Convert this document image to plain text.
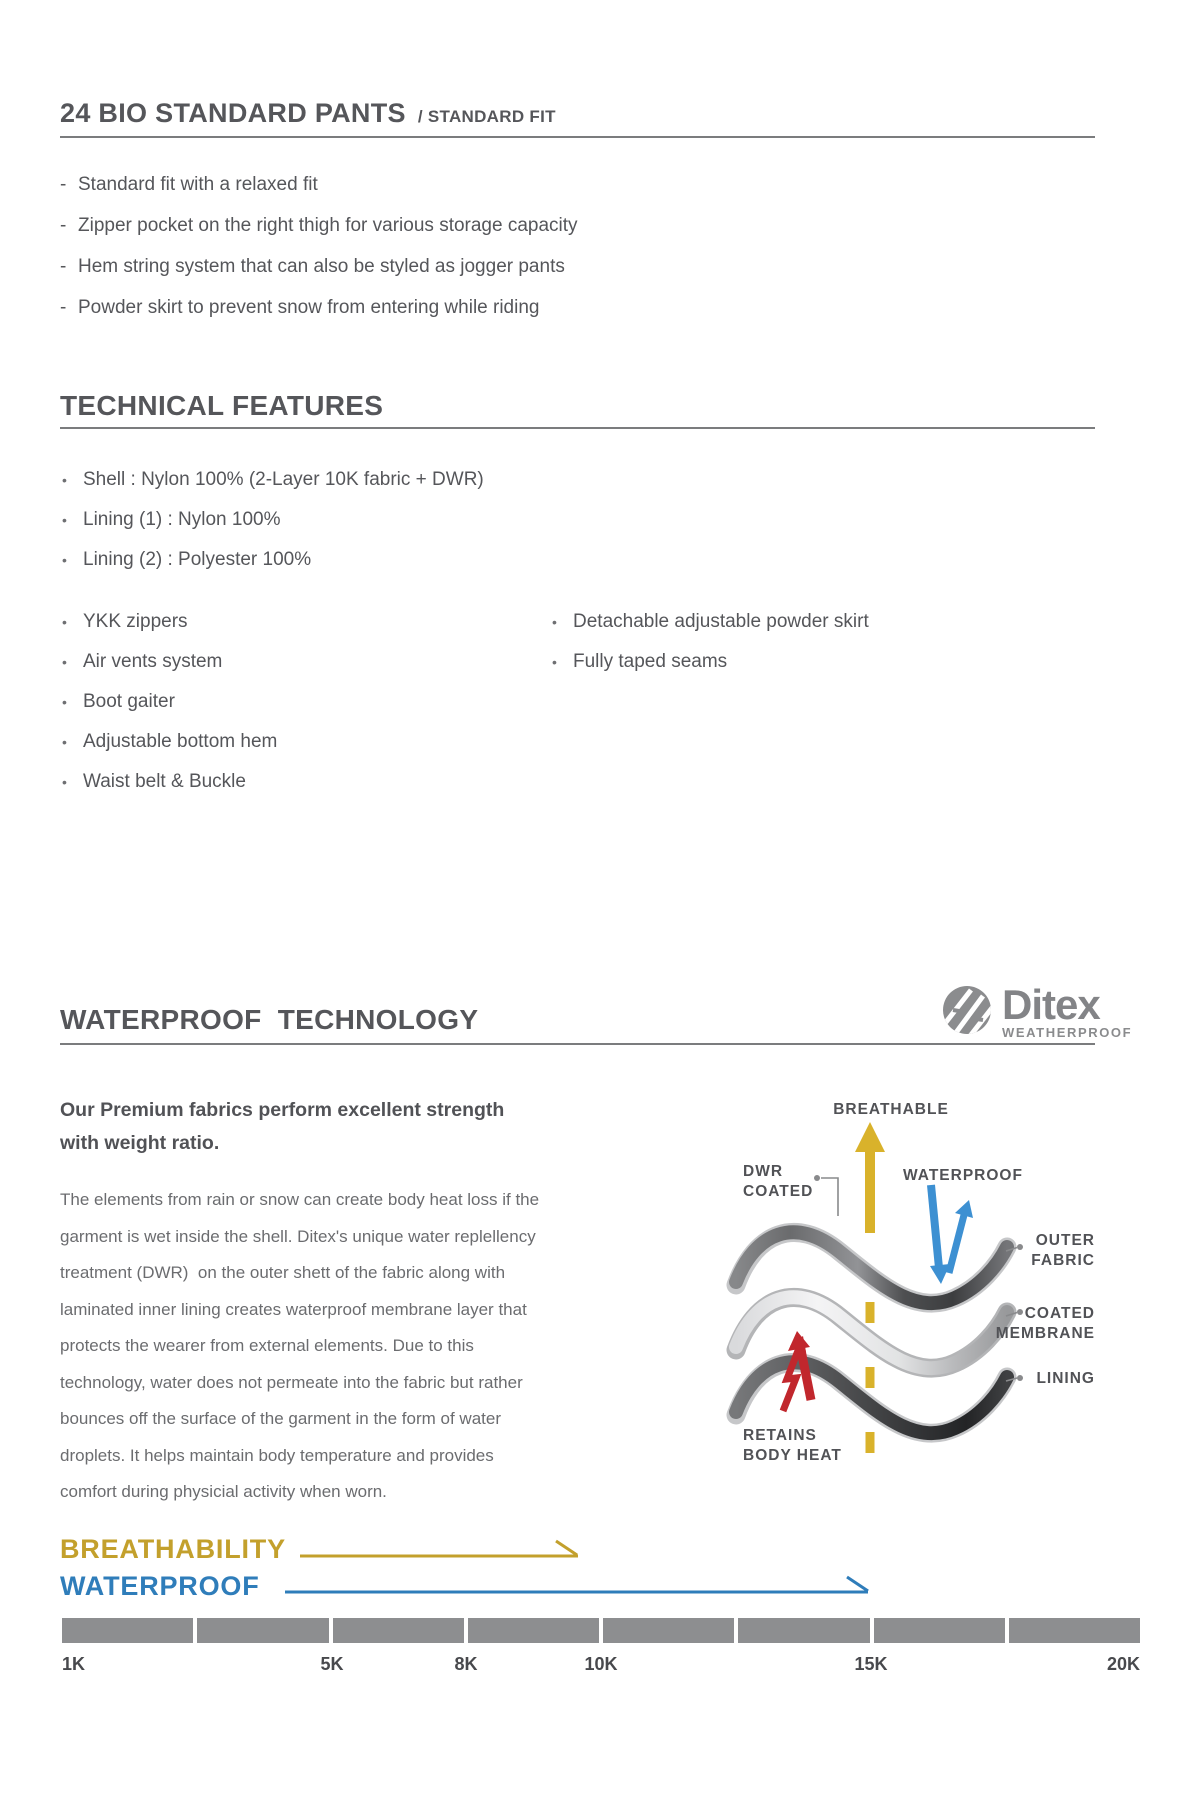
24 BIO STANDARD PANTS / STANDARD FIT
- Standard fit with a relaxed fit
- Zipper pocket on the right thigh for various storage capacity
- Hem string system that can also be styled as jogger pants
- Powder skirt to prevent snow from entering while riding
TECHNICAL FEATURES
• Shell : Nylon 100% (2-Layer 10K fabric + DWR)
• Lining (1) : Nylon 100%
• Lining (2) : Polyester 100%
• YKK zippers
• Air vents system
• Boot gaiter
• Adjustable bottom hem
• Waist belt & Buckle
• Detachable adjustable powder skirt
• Fully taped seams
WATERPROOF  TECHNOLOGY	Ditex
WEATHERPROOF
Our Premium fabrics perform excellent strength
with weight ratio.
The elements from rain or snow can create body heat loss if the
garment is wet inside the shell. Ditex's unique water replellency
treatment (DWR)  on the outer shett of the fabric along with
laminated inner lining creates waterproof membrane layer that
protects the wearer from external elements. Due to this
technology, water does not permeate into the fabric but rather
bounces off the surface of the garment in the form of water
droplets. It helps maintain body temperature and provides
comfort during physicial activity when worn.
BREATHABLE
DWR
COATED
WATERPROOF
OUTER
FABRIC
COATED
MEMBRANE
LINING
RETAINS
BODY HEAT
BREATHABILITY
WATERPROOF
1K	5K	8K	10K	15K	20K
